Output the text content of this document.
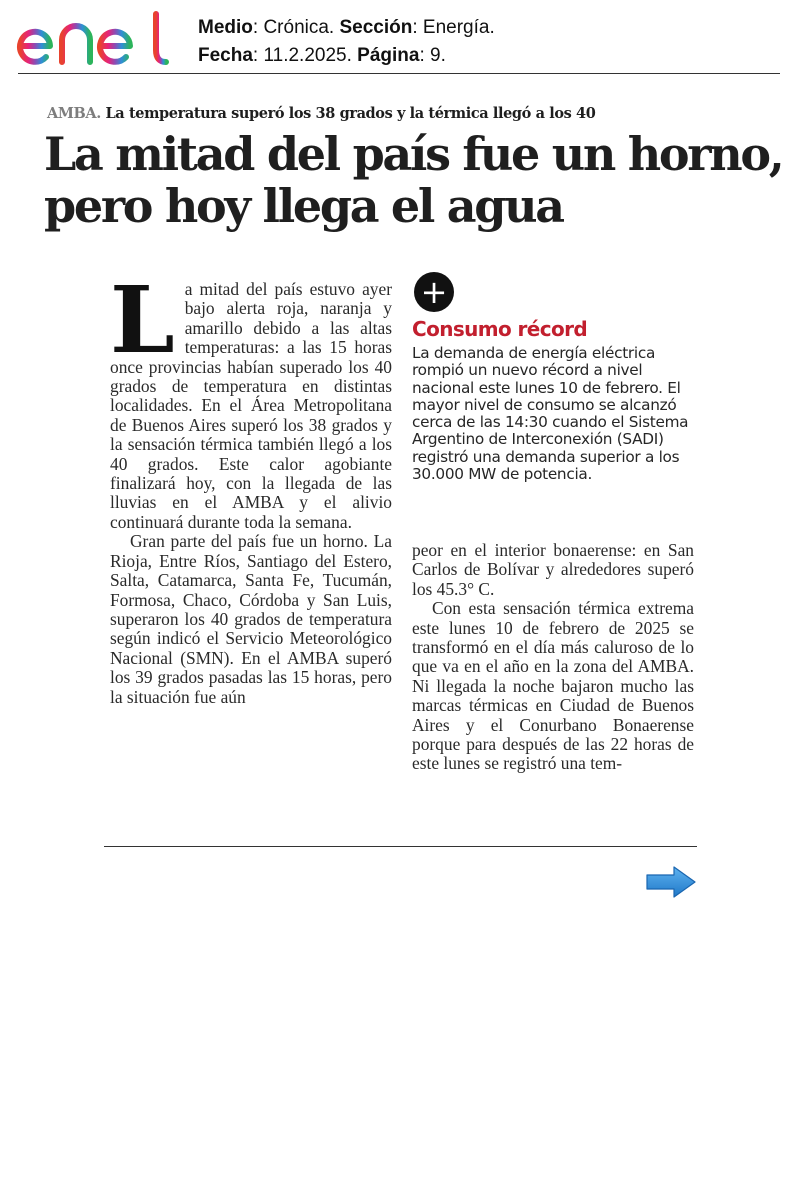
Medio: Crónica. Sección: Energía.
Fecha: 11.2.2025. Página: 9.
AMBA. La temperatura superó los 38 grados y la térmica llegó a los 40
La mitad del país fue un horno, pero hoy llega el agua

La mitad del país estuvo ayer bajo alerta roja, naranja y amarillo debido a las altas temperaturas: a las 15 horas once provincias habían superado los 40 grados de temperatura en distintas localidades. En el Área Metropolitana de Buenos Aires superó los 38 grados y la sensación térmica también llegó a los 40 grados. Este calor agobiante finalizará hoy, con la llegada de las lluvias en el AMBA y el alivio continuará durante toda la semana.

Gran parte del país fue un horno. La Rioja, Entre Ríos, Santiago del Estero, Salta, Catamarca, Santa Fe, Tucumán, Formosa, Chaco, Córdoba y San Luis, superaron los 40 grados de temperatura según indicó el Servicio Meteorológico Nacional (SMN). En el AMBA superó los 39 grados pasadas las 15 horas, pero la situación fue aún

+
Consumo récord

La demanda de energía eléctrica rompió un nuevo récord a nivel nacional este lunes 10 de febrero. El mayor nivel de consumo se alcanzó cerca de las 14:30 cuando el Sistema Argentino de Interconexión (SADI) registró una demanda superior a los 30.000 MW de potencia.

peor en el interior bonaerense: en San Carlos de Bolívar y alrededores superó los 45.3° C.

Con esta sensación térmica extrema este lunes 10 de febrero de 2025 se transformó en el día más caluroso de lo que va en el año en la zona del AMBA. Ni llegada la noche bajaron mucho las marcas térmicas en Ciudad de Buenos Aires y el Conurbano Bonaerense porque para después de las 22 horas de este lunes se registró una tem-
